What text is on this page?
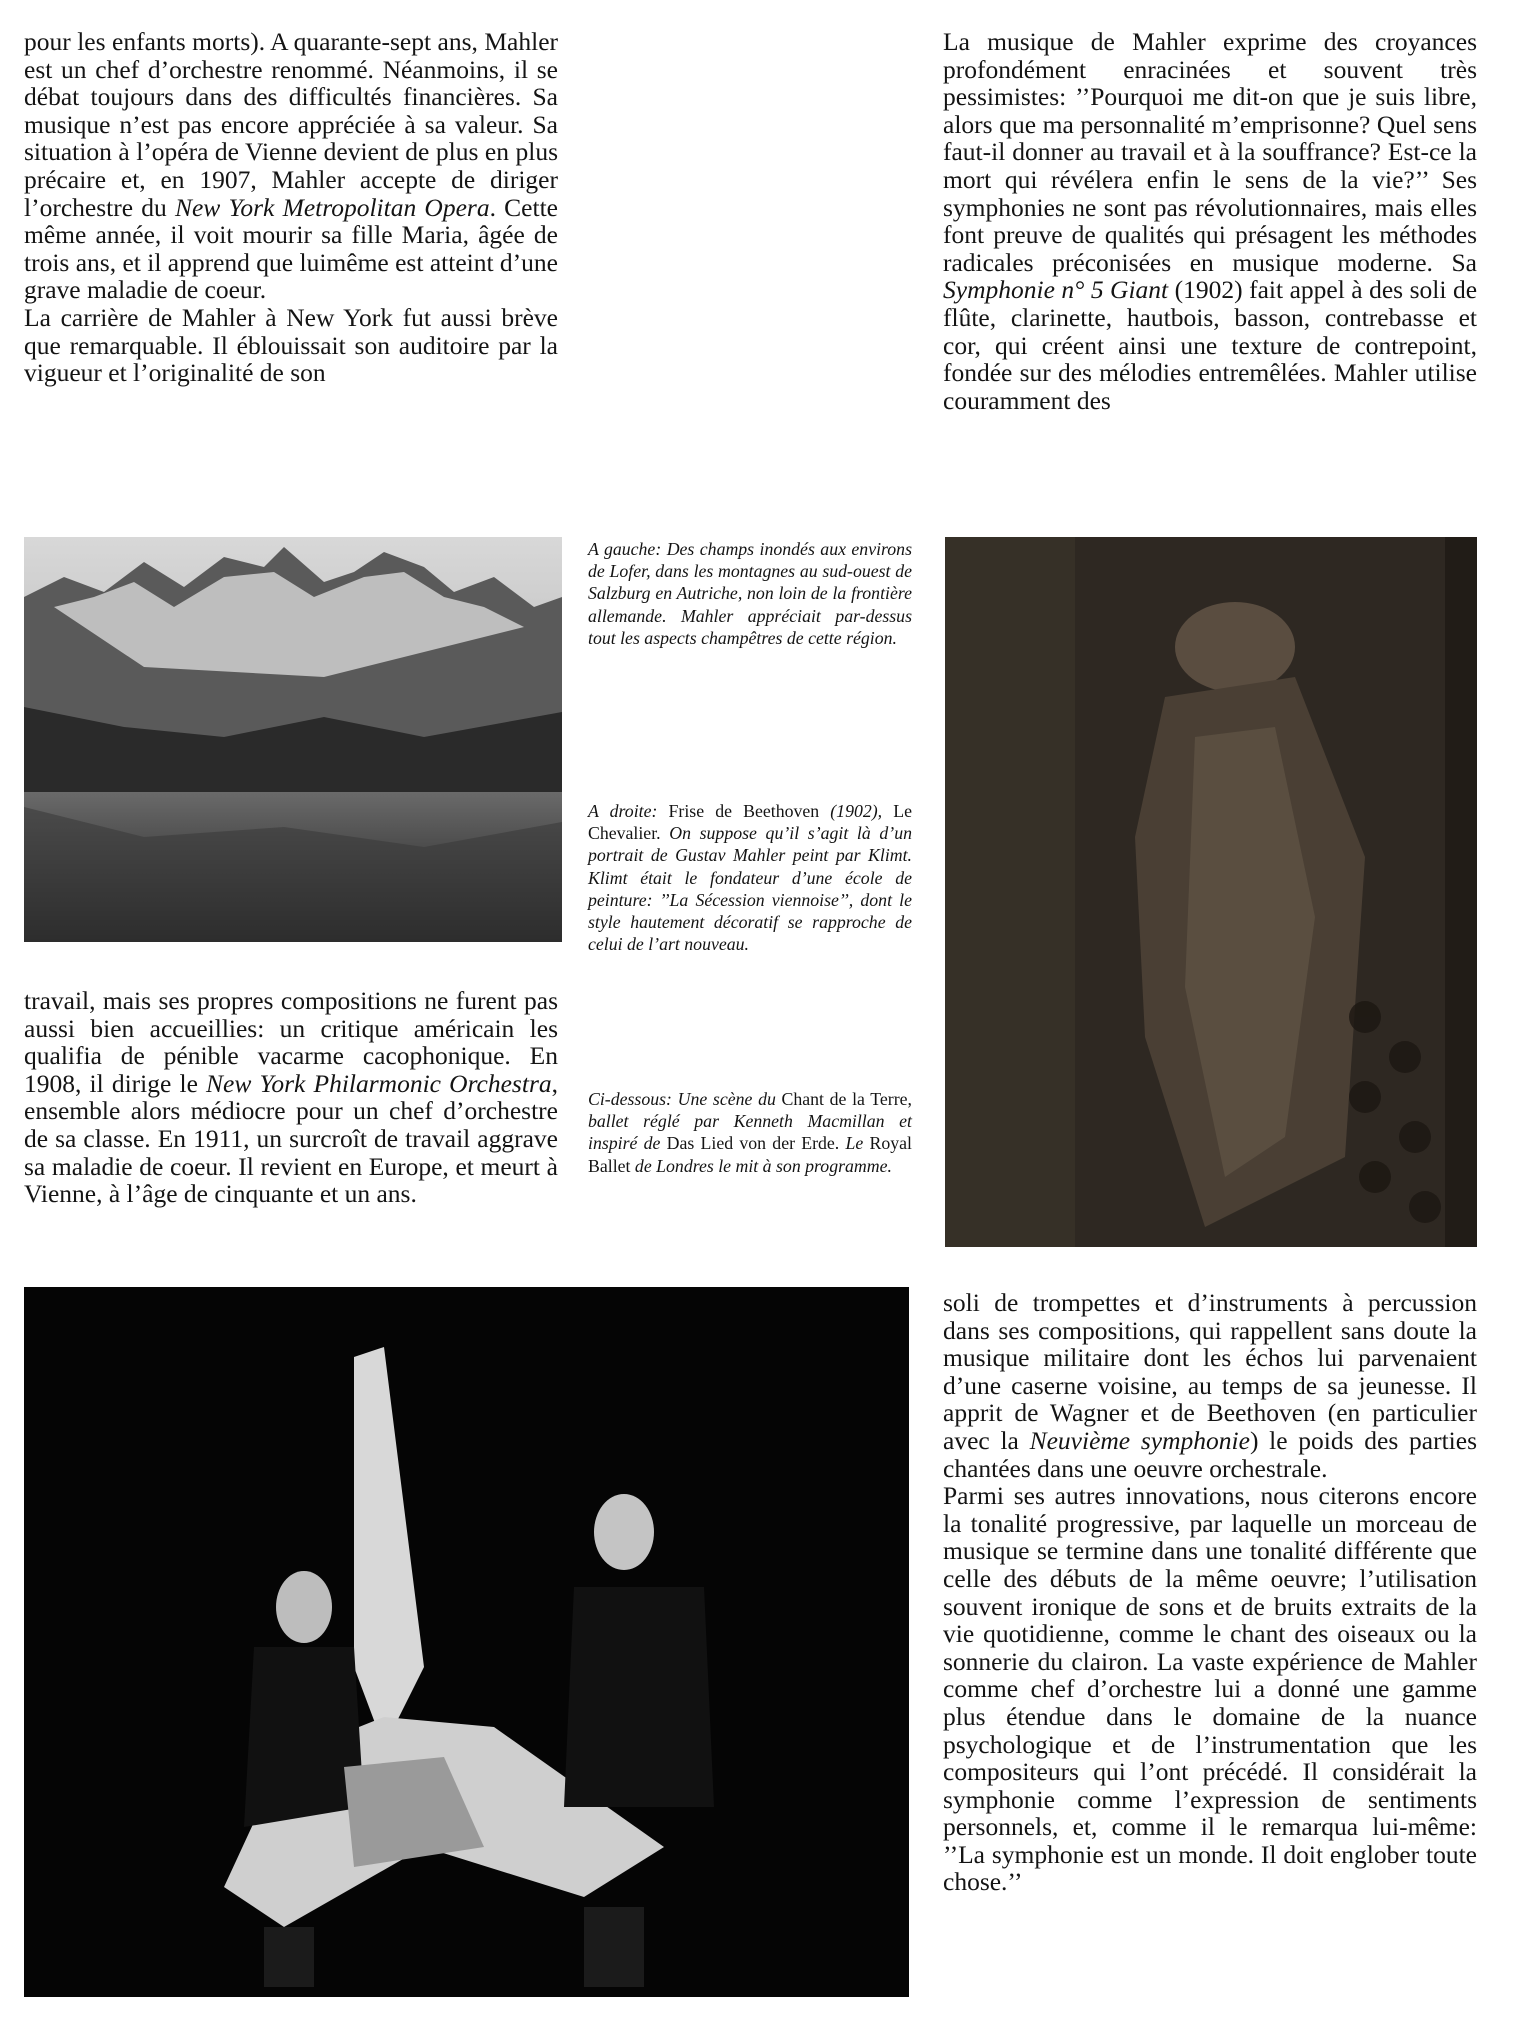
pour les enfants morts). A quarante-sept ans, Mahler est un chef d’orchestre renommé. Néanmoins, il se débat toujours dans des difficultés financières. Sa musique n’est pas encore appréciée à sa valeur. Sa situation à l’opéra de Vienne devient de plus en plus précaire et, en 1907, Mahler accepte de diriger l’orchestre du New York Metropolitan Opera. Cette même année, il voit mourir sa fille Maria, âgée de trois ans, et il apprend que luimême est atteint d’une grave maladie de coeur.

La carrière de Mahler à New York fut aussi brève que remarquable. Il éblouissait son auditoire par la vigueur et l’originalité de son

La musique de Mahler exprime des croyances profondément enracinées et souvent très pessimistes: ’’Pourquoi me dit-on que je suis libre, alors que ma personnalité m’emprisonne? Quel sens faut-il donner au travail et à la souffrance? Est-ce la mort qui révélera enfin le sens de la vie?’’ Ses symphonies ne sont pas révolutionnaires, mais elles font preuve de qualités qui présagent les méthodes radicales préconisées en musique moderne. Sa Symphonie n° 5 Giant (1902) fait appel à des soli de flûte, clarinette, hautbois, basson, contrebasse et cor, qui créent ainsi une texture de contrepoint, fondée sur des mélodies entremêlées. Mahler utilise couramment des

travail, mais ses propres compositions ne furent pas aussi bien accueillies: un critique américain les qualifia de pénible vacarme cacophonique. En 1908, il dirige le New York Philarmonic Orchestra, ensemble alors médiocre pour un chef d’orchestre de sa classe. En 1911, un surcroît de travail aggrave sa maladie de coeur. Il revient en Europe, et meurt à Vienne, à l’âge de cinquante et un ans.

A gauche: Des champs inondés aux environs de Lofer, dans les montagnes au sud-ouest de Salzburg en Autriche, non loin de la frontière allemande. Mahler appréciait par-dessus tout les aspects champêtres de cette région.

A droite: Frise de Beethoven (1902), Le Chevalier. On suppose qu’il s’agit là d’un portrait de Gustav Mahler peint par Klimt. Klimt était le fondateur d’une école de peinture: ’’La Sécession viennoise’’, dont le style hautement décoratif se rapproche de celui de l’art nouveau.

Ci-dessous: Une scène du Chant de la Terre, ballet réglé par Kenneth Macmillan et inspiré de Das Lied von der Erde. Le Royal Ballet de Londres le mit à son programme.

soli de trompettes et d’instruments à percussion dans ses compositions, qui rappellent sans doute la musique militaire dont les échos lui parvenaient d’une caserne voisine, au temps de sa jeunesse. Il apprit de Wagner et de Beethoven (en particulier avec la Neuvième symphonie) le poids des parties chantées dans une oeuvre orchestrale.

Parmi ses autres innovations, nous citerons encore la tonalité progressive, par laquelle un morceau de musique se termine dans une tonalité différente que celle des débuts de la même oeuvre; l’utilisation souvent ironique de sons et de bruits extraits de la vie quotidienne, comme le chant des oiseaux ou la sonnerie du clairon. La vaste expérience de Mahler comme chef d’orchestre lui a donné une gamme plus étendue dans le domaine de la nuance psychologique et de l’instrumentation que les compositeurs qui l’ont précédé. Il considérait la symphonie comme l’expression de sentiments personnels, et, comme il le remarqua lui-même: ’’La symphonie est un monde. Il doit englober toute chose.’’
